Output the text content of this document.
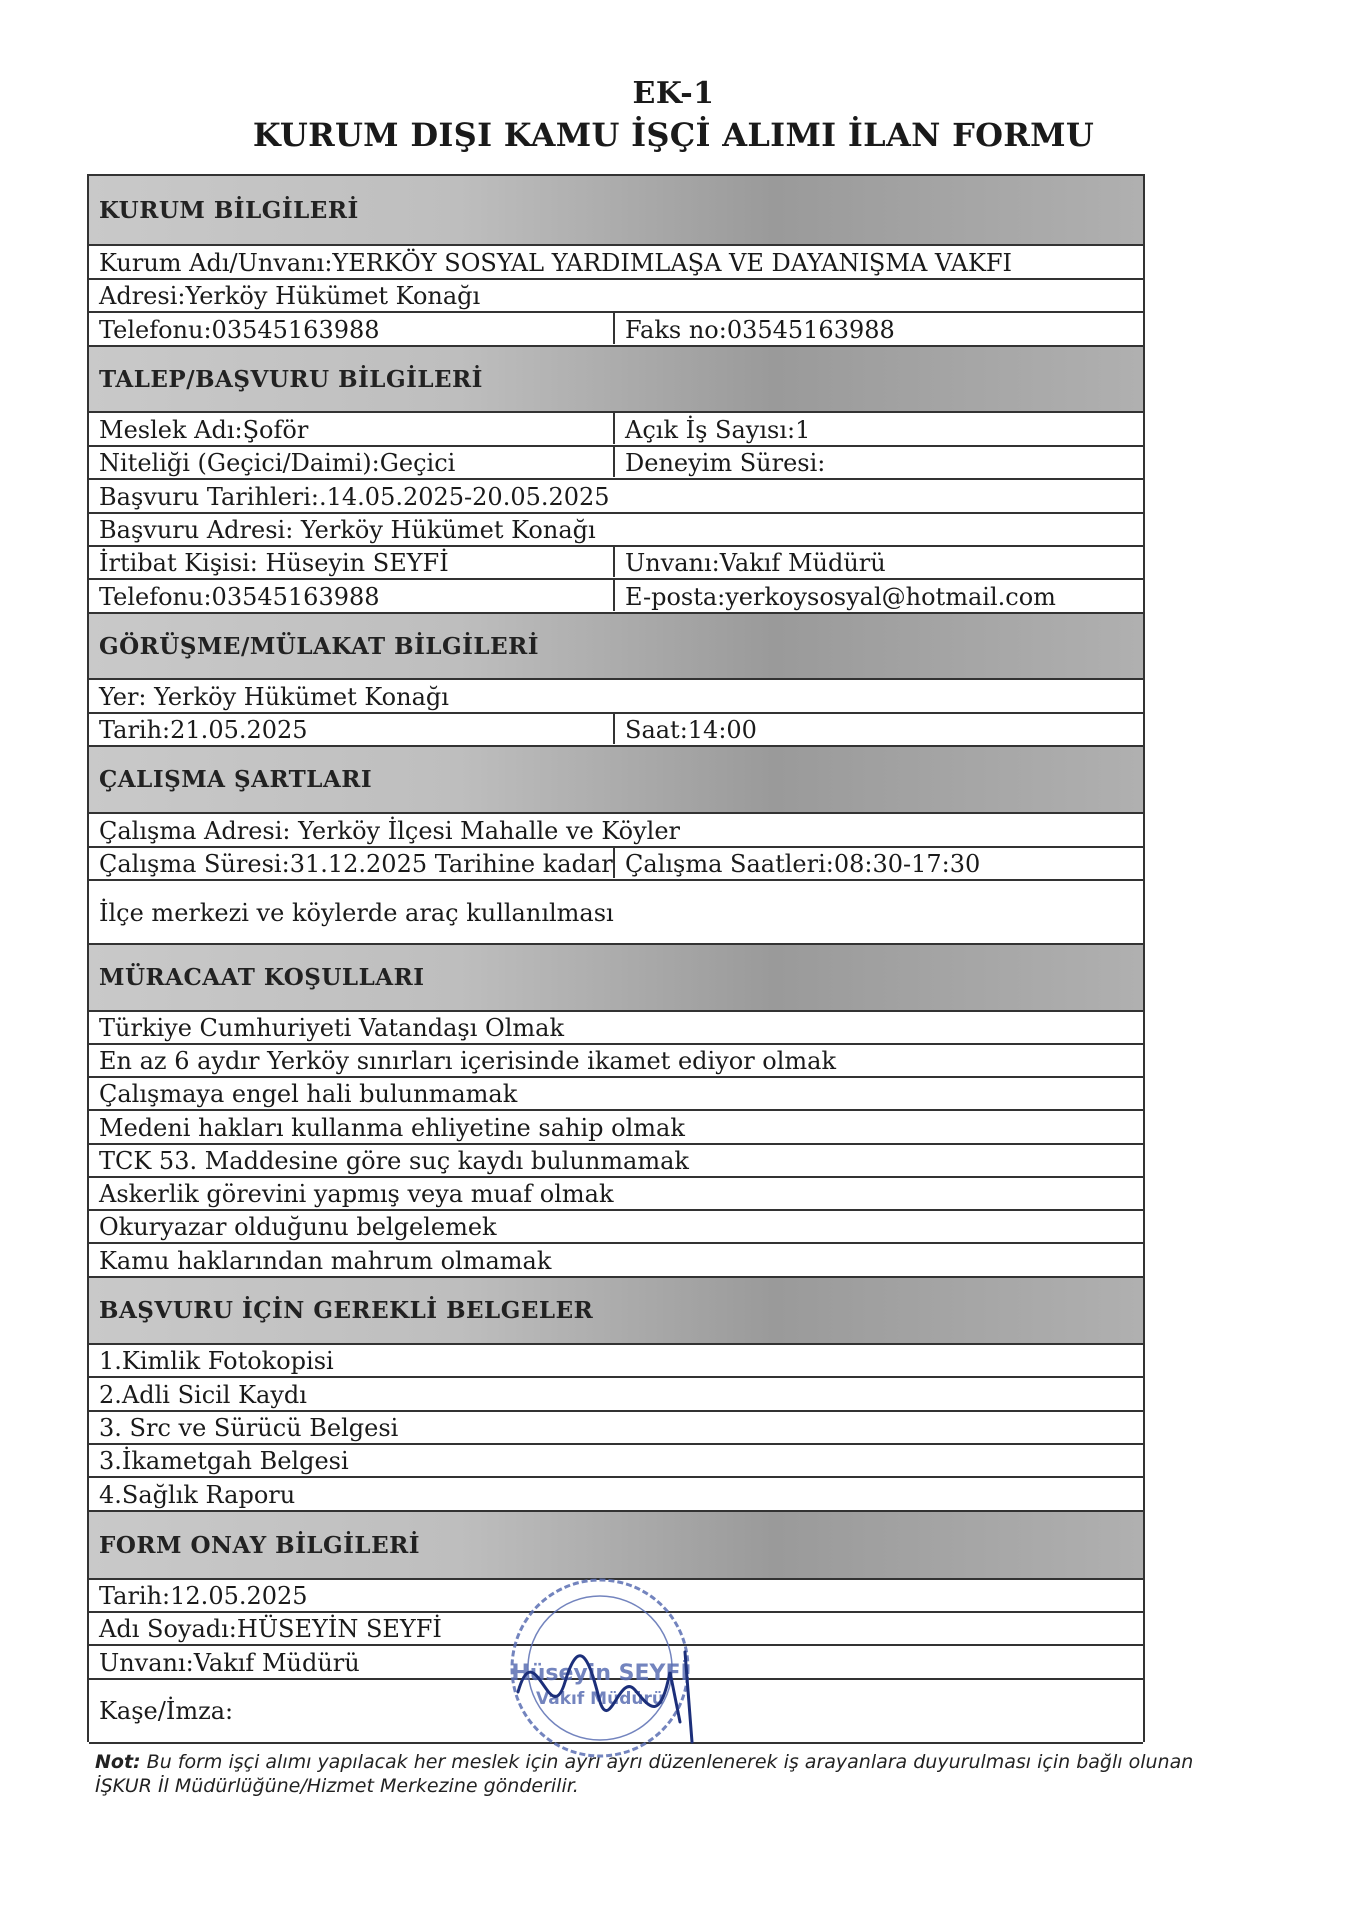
EK-1
KURUM DIŞI KAMU İŞÇİ ALIMI İLAN FORMU
KURUM BİLGİLERİ
Kurum Adı/Unvanı:YERKÖY SOSYAL YARDIMLAŞA VE DAYANIŞMA VAKFI
Adresi:Yerköy Hükümet Konağı
Telefonu:03545163988	Faks no:03545163988
TALEP/BAŞVURU BİLGİLERİ
Meslek Adı:Şoför	Açık İş Sayısı:1
Niteliği (Geçici/Daimi):Geçici	Deneyim Süresi:
Başvuru Tarihleri:.14.05.2025-20.05.2025
Başvuru Adresi: Yerköy Hükümet Konağı
İrtibat Kişisi: Hüseyin SEYFİ	Unvanı:Vakıf Müdürü
Telefonu:03545163988	E-posta:yerkoysosyal@hotmail.com
GÖRÜŞME/MÜLAKAT BİLGİLERİ
Yer: Yerköy Hükümet Konağı
Tarih:21.05.2025	Saat:14:00
ÇALIŞMA ŞARTLARI
Çalışma Adresi: Yerköy İlçesi Mahalle ve Köyler
Çalışma Süresi:31.12.2025 Tarihine kadar Çalışma Saatleri:08:30-17:30
İlçe merkezi ve köylerde araç kullanılması
MÜRACAAT KOŞULLARI
Türkiye Cumhuriyeti Vatandaşı Olmak
En az 6 aydır Yerköy sınırları içerisinde ikamet ediyor olmak
Çalışmaya engel hali bulunmamak
Medeni hakları kullanma ehliyetine sahip olmak
TCK 53. Maddesine göre suç kaydı bulunmamak
Askerlik görevini yapmış veya muaf olmak
Okuryazar olduğunu belgelemek
Kamu haklarından mahrum olmamak
BAŞVURU İÇİN GEREKLİ BELGELER
1.Kimlik Fotokopisi
2.Adli Sicil Kaydı
3. Src ve Sürücü Belgesi
3.İkametgah Belgesi
4.Sağlık Raporu
FORM ONAY BİLGİLERİ
Tarih:12.05.2025
Adı Soyadı:HÜSEYİN SEYFİ
Unvanı:Vakıf Müdürü
Kaşe/İmza:
Hüseyin SEYFİ
Vakıf Müdürü
Not: Bu form işçi alımı yapılacak her meslek için ayrı ayrı düzenlenerek iş arayanlara duyurulması için bağlı olunan İŞKUR İl Müdürlüğüne/Hizmet Merkezine gönderilir.
